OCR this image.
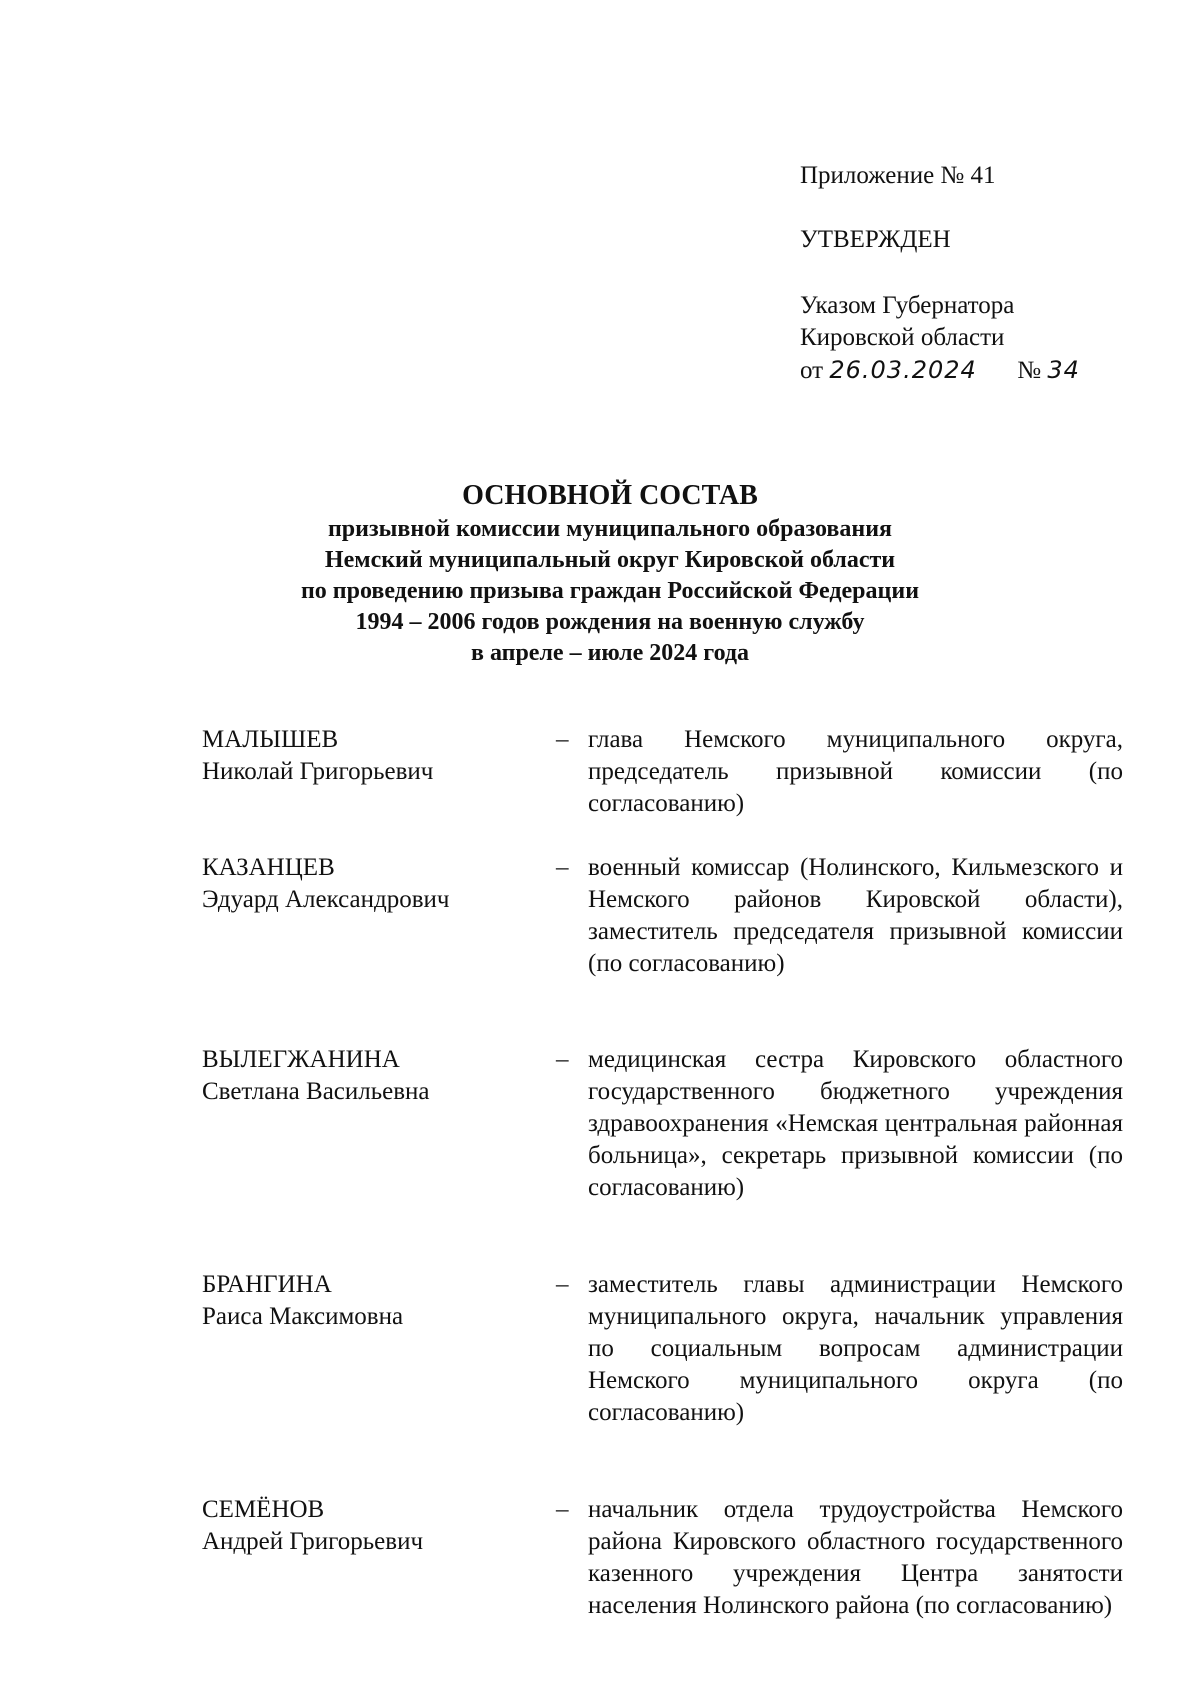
Приложение № 41
УТВЕРЖДЕН
Указом Губернатора
Кировской области
от 26.03.2024 № 34
ОСНОВНОЙ СОСТАВ
призывной комиссии муниципального образования
Немский муниципальный округ Кировской области
по проведению призыва граждан Российской Федерации
1994 – 2006 годов рождения на военную службу
в апреле – июле 2024 года
МАЛЫШЕВ
Николай Григорьевич
– глава Немского муниципального округа, председатель призывной комиссии (по согласованию)
КАЗАНЦЕВ
Эдуард Александрович
– военный комиссар (Нолинского, Кильмезского и Немского районов Кировской области), заместитель председателя призывной комиссии (по согласованию)
ВЫЛЕГЖАНИНА
Светлана Васильевна
– медицинская сестра Кировского областного государственного бюджетного учреждения здравоохранения «Немская центральная районная больница», секретарь призывной комиссии (по согласованию)
БРАНГИНА
Раиса Максимовна
– заместитель главы администрации Немского муниципального округа, начальник управления по социальным вопросам администрации Немского муниципального округа (по согласованию)
СЕМЁНОВ
Андрей Григорьевич
– начальник отдела трудоустройства Немского района Кировского областного государственного казенного учреждения Центра занятости населения Нолинского района (по согласованию)
